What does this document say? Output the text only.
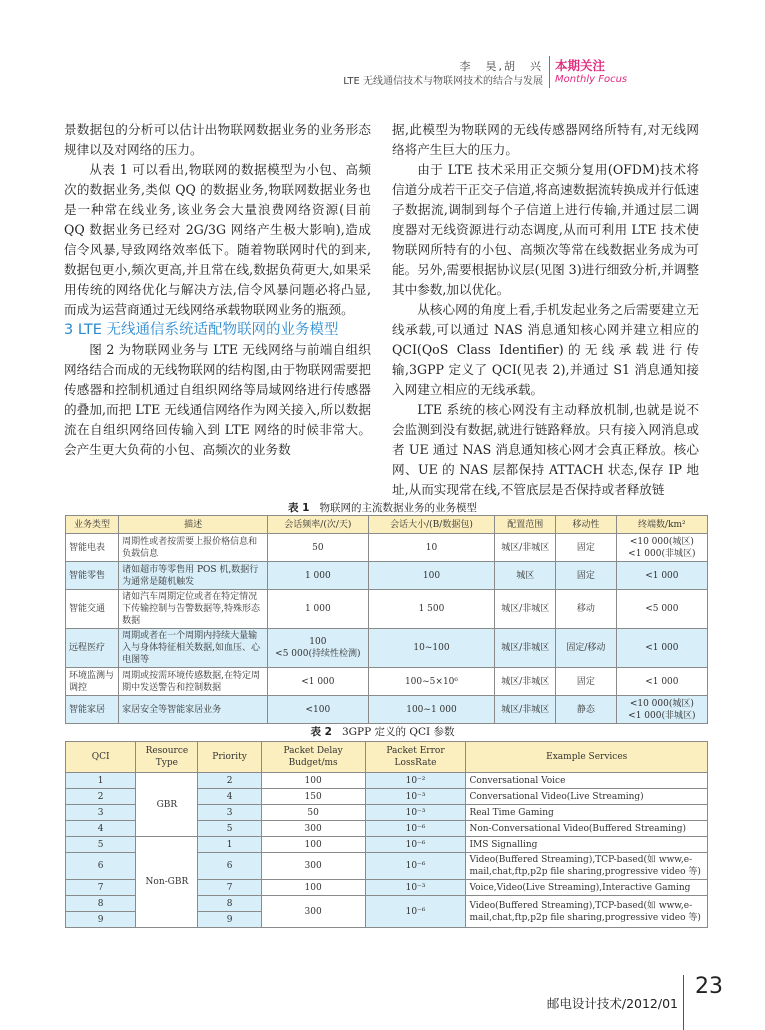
李　昊,胡　兴
LTE 无线通信技术与物联网技术的结合与发展
本期关注
Monthly Focus

景数据包的分析可以估计出物联网数据业务的业务形态规律以及对网络的压力。

从表 1 可以看出,物联网的数据模型为小包、高频次的数据业务,类似 QQ 的数据业务,物联网数据业务也是一种常在线业务,该业务会大量浪费网络资源(目前 QQ 数据业务已经对 2G/3G 网络产生极大影响),造成信令风暴,导致网络效率低下。随着物联网时代的到来,数据包更小,频次更高,并且常在线,数据负荷更大,如果采用传统的网络优化与解决方法,信令风暴问题必将凸显,而成为运营商通过无线网络承载物联网业务的瓶颈。

3 LTE 无线通信系统适配物联网的业务模型

图 2 为物联网业务与 LTE 无线网络与前端自组织网络结合而成的无线物联网的结构图,由于物联网需要把传感器和控制机通过自组织网络等局域网络进行传感器的叠加,而把 LTE 无线通信网络作为网关接入,所以数据流在自组织网络回传输入到 LTE 网络的时候非常大。会产生更大负荷的小包、高频次的业务数

据,此模型为物联网的无线传感器网络所特有,对无线网络将产生巨大的压力。

由于 LTE 技术采用正交频分复用(OFDM)技术将信道分成若干正交子信道,将高速数据流转换成并行低速子数据流,调制到每个子信道上进行传输,并通过层二调度器对无线资源进行动态调度,从而可利用 LTE 技术使物联网所特有的小包、高频次等常在线数据业务成为可能。另外,需要根据协议层(见图 3)进行细致分析,并调整其中参数,加以优化。

从核心网的角度上看,手机发起业务之后需要建立无线承载,可以通过 NAS 消息通知核心网并建立相应的 QCI(QoS Class Identifier)的无线承载进行传输,3GPP 定义了 QCI(见表 2),并通过 S1 消息通知接入网建立相应的无线承载。

LTE 系统的核心网没有主动释放机制,也就是说不会监测到没有数据,就进行链路释放。只有接入网消息或者 UE 通过 NAS 消息通知核心网才会真正释放。核心网、UE 的 NAS 层都保持 ATTACH 状态,保存 IP 地址,从而实现常在线,不管底层是否保持或者释放链

表 1 物联网的主流数据业务的业务模型
业务类型	描述	会话频率/(次/天)	会话大小/(B/数据包)	配置范围	移动性	终端数/km²
智能电表	周期性或者按需要上报价格信息和负载信息	50	10	城区/非城区	固定	<10 000(城区)
<1 000(非城区)
智能零售	诸如超市等零售用 POS 机,数据行为通常是随机触发	1 000	100	城区	固定	<1 000
智能交通	诸如汽车周期定位或者在特定情况下传输控制与告警数据等,特殊形态数据	1 000	1 500	城区/非城区	移动	<5 000
远程医疗	周期或者在一个周期内持续大量输入与身体特征相关数据,如血压、心电图等	100
<5 000(持续性检测)	10~100	城区/非城区	固定/移动	<1 000
环境监测与调控	周期或按需环境传感数据,在特定周期中发送警告和控制数据	<1 000	100~5×10⁶	城区/非城区	固定	<1 000
智能家居	家居安全等智能家居业务	<100	100~1 000	城区/非城区	静态	<10 000(城区)
<1 000(非城区)
表 2 3GPP 定义的 QCI 参数
QCI	Resource Type	Priority	Packet Delay Budget/ms	Packet Error LossRate	Example Services
1	GBR	2	100	10⁻²	Conversational Voice
2		4	150	10⁻³	Conversational Video(Live Streaming)
3		3	50	10⁻³	Real Time Gaming
4		5	300	10⁻⁶	Non-Conversational Video(Buffered Streaming)
5	Non-GBR	1	100	10⁻⁶	IMS Signalling
6		6	300	10⁻⁶	Video(Buffered Streaming),TCP-based(如 www,e-mail,chat,ftp,p2p file sharing,progressive video 等)
7		7	100	10⁻³	Voice,Video(Live Streaming),Interactive Gaming
8		8	300	10⁻⁶	Video(Buffered Streaming),TCP-based(如 www,e-mail,chat,ftp,p2p file sharing,progressive video 等)
9		9			
邮电设计技术/2012/01
23
